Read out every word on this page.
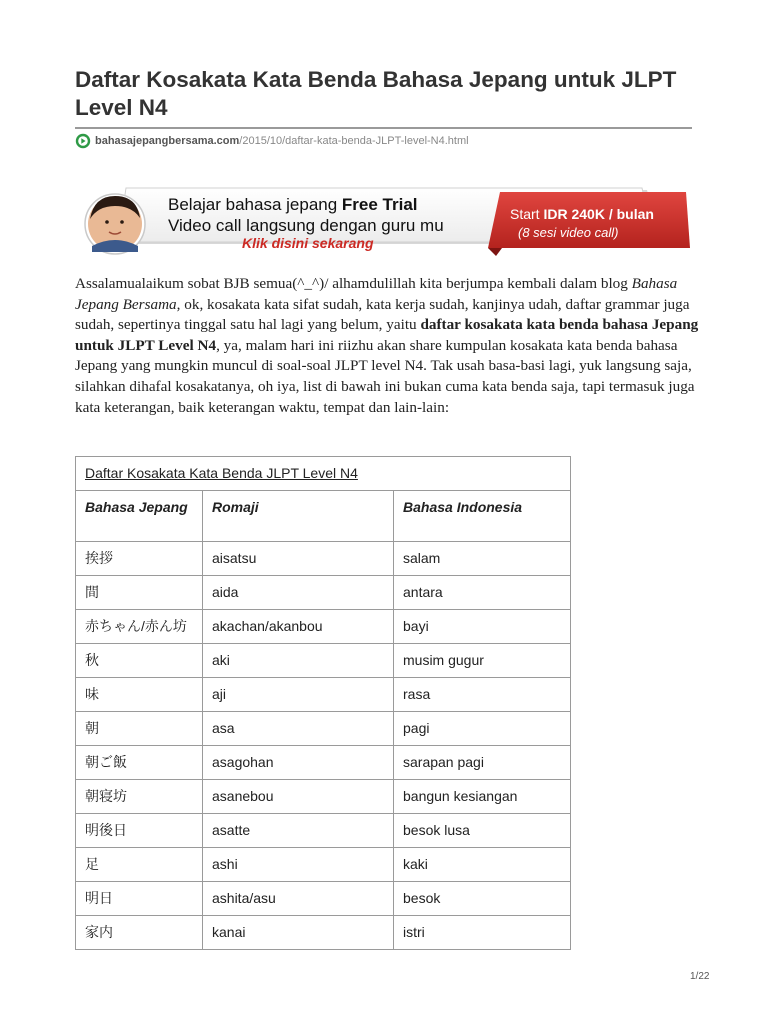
Daftar Kosakata Kata Benda Bahasa Jepang untuk JLPT Level N4
bahasajepangbersama.com /2015/10/daftar-kata-benda-JLPT-level-N4.html
Belajar bahasa jepang Free Trial
Video call langsung dengan guru mu
Klik disini sekarang
Start IDR 240K / bulan
(8 sesi video call)

Assalamualaikum sobat BJB semua(^_^)/ alhamdulillah kita berjumpa kembali dalam blog Bahasa Jepang Bersama, ok, kosakata kata sifat sudah, kata kerja sudah, kanjinya udah, daftar grammar juga sudah, sepertinya tinggal satu hal lagi yang belum, yaitu daftar kosakata kata benda bahasa Jepang untuk JLPT Level N4, ya, malam hari ini riizhu akan share kumpulan kosakata kata benda bahasa Jepang yang mungkin muncul di soal-soal JLPT level N4. Tak usah basa-basi lagi, yuk langsung saja, silahkan dihafal kosakatanya, oh iya, list di bawah ini bukan cuma kata benda saja, tapi termasuk juga kata keterangan, baik keterangan waktu, tempat dan lain-lain:

Daftar Kosakata Kata Benda JLPT Level N4		
Bahasa Jepang	Romaji	Bahasa Indonesia
挨拶	aisatsu	salam
間	aida	antara
赤ちゃん/赤ん坊	akachan/akanbou	bayi
秋	aki	musim gugur
味	aji	rasa
朝	asa	pagi
朝ご飯	asagohan	sarapan pagi
朝寝坊	asanebou	bangun kesiangan
明後日	asatte	besok lusa
足	ashi	kaki
明日	ashita/asu	besok
家内	kanai	istri
1/22
